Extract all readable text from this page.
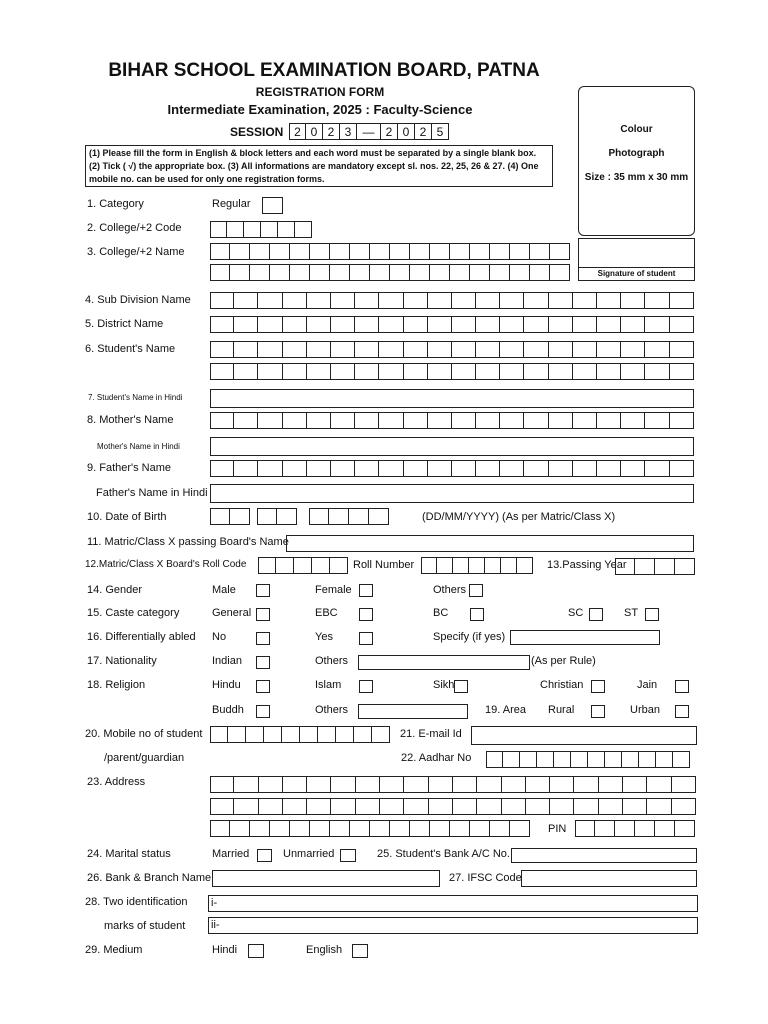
BIHAR SCHOOL EXAMINATION BOARD, PATNA
REGISTRATION FORM
Intermediate Examination, 2025 : Faculty-Science
SESSION 2 0 2 3 — 2 0 2 5
(1) Please fill the form in English & block letters and each word must be separated by a single blank box. (2) Tick ( √) the appropriate box. (3) All informations are mandatory except sl. nos. 22, 25, 26 & 27. (4) One mobile no. can be used for only one registration forms.
Colour
Photograph
Size : 35 mm x 30 mm
Signature of student
1. Category	Regular
2. College/+2 Code
3. College/+2 Name
4. Sub Division Name
5. District Name
6. Student's Name
7. Student's Name in Hindi
8. Mother's Name
Mother's Name in Hindi
9. Father's Name
Father's Name in Hindi
10. Date of Birth	(DD/MM/YYYY) (As per Matric/Class X)
11. Matric/Class X passing Board's Name
12.Matric/Class X Board's Roll Code	Roll Number	13.Passing Year
14. Gender	Male	Female	Others
15. Caste category	General	EBC	BC	SC	ST
16. Differentially abled No	Yes	Specify (if yes)
17. Nationality	Indian	Others	(As per Rule)
18. Religion	Hindu	Islam	Sikh	Christian	Jain
Buddh	Others	19. Area Rural	Urban
20. Mobile no of student
/parent/guardian
21. E-mail Id
22. Aadhar No
23. Address
PIN
24. Marital status	Married	Unmarried	25. Student's Bank A/C No.
26. Bank & Branch Name	27. IFSC Code
28. Two identification
marks of student
i-
ii-
29. Medium	Hindi	English
